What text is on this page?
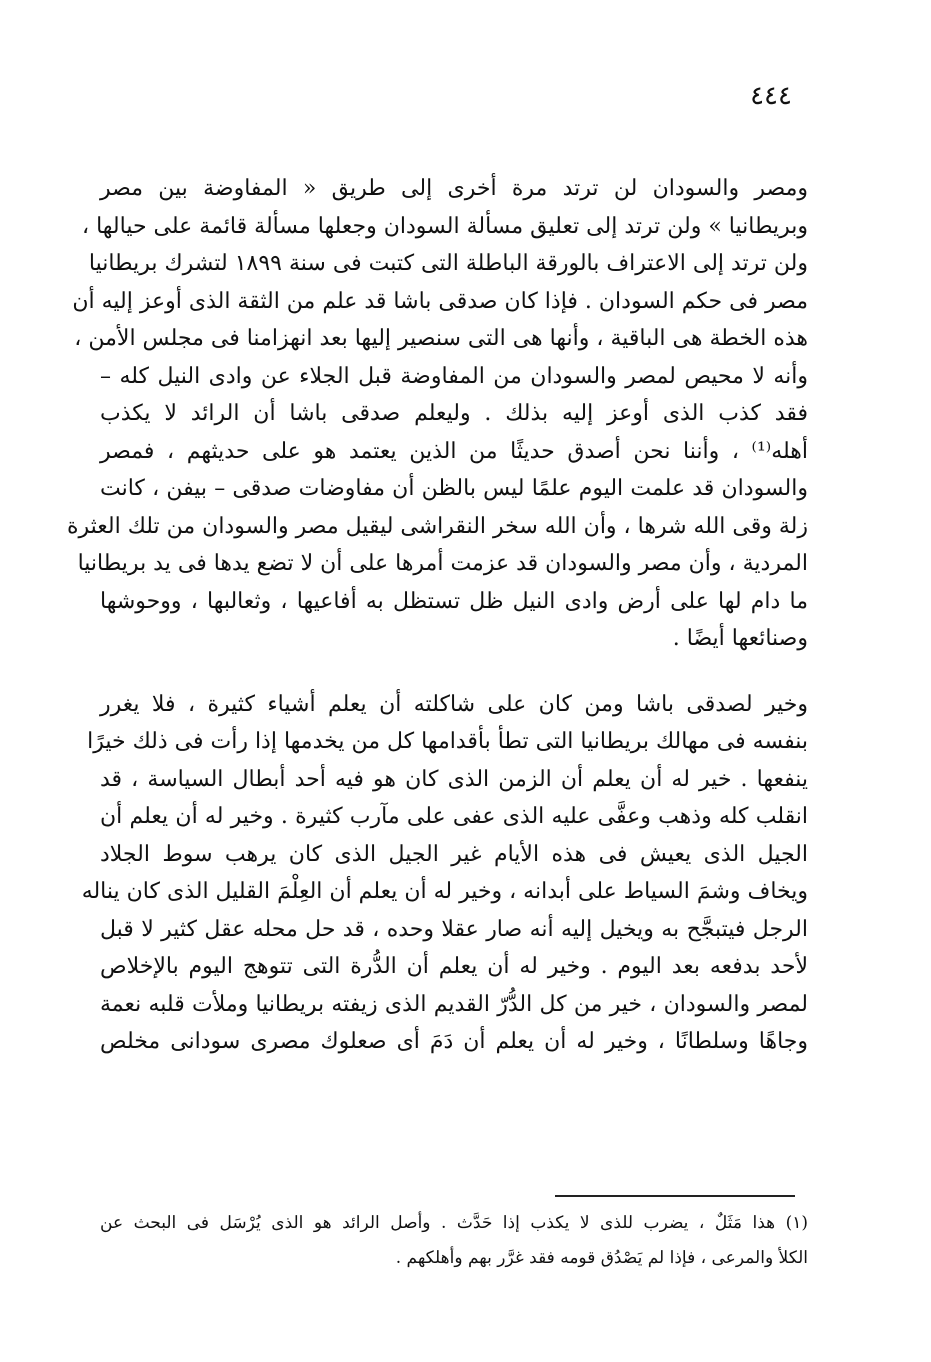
٤٤٤

ومصر والسودان لن ترتد مرة أخرى إلى طريق « المفاوضة بين مصر
وبريطانيا » ولن ترتد إلى تعليق مسألة السودان وجعلها مسألة قائمة على حيالها ،
ولن ترتد إلى الاعتراف بالورقة الباطلة التى كتبت فى سنة ١٨٩٩ لتشرك بريطانيا
مصر فى حكم السودان . فإذا كان صدقى باشا قد علم من الثقة الذى أوعز إليه أن
هذه الخطة هى الباقية ، وأنها هى التى سنصير إليها بعد انهزامنا فى مجلس الأمن ،
وأنه لا محيص لمصر والسودان من المفاوضة قبل الجلاء عن وادى النيل كله –
فقد كذب الذى أوعز إليه بذلك . وليعلم صدقى باشا أن الرائد لا يكذب
أهله⁽¹⁾ ، وأننا نحن أصدق حديثًا من الذين يعتمد هو على حديثهم ، فمصر
والسودان قد علمت اليوم علمًا ليس بالظن أن مفاوضات صدقى – بيفن ، كانت
زلة وقى الله شرها ، وأن الله سخر النقراشى ليقيل مصر والسودان من تلك العثرة
المردية ، وأن مصر والسودان قد عزمت أمرها على أن لا تضع يدها فى يد بريطانيا
ما دام لها على أرض وادى النيل ظل تستظل به أفاعيها ، وثعالبها ، ووحوشها
وصنائعها أيضًا .

وخير لصدقى باشا ومن كان على شاكلته أن يعلم أشياء كثيرة ، فلا يغرر
بنفسه فى مهالك بريطانيا التى تطأ بأقدامها كل من يخدمها إذا رأت فى ذلك خيرًا
ينفعها . خير له أن يعلم أن الزمن الذى كان هو فيه أحد أبطال السياسة ، قد
انقلب كله وذهب وعفَّى عليه الذى عفى على مآرب كثيرة . وخير له أن يعلم أن
الجيل الذى يعيش فى هذه الأيام غير الجيل الذى كان يرهب سوط الجلاد
ويخاف وشمَ السياط على أبدانه ، وخير له أن يعلم أن العِلْمَ القليل الذى كان يناله
الرجل فيتبجَّح به ويخيل إليه أنه صار عقلا وحده ، قد حل محله عقل كثير لا قبل
لأحد بدفعه بعد اليوم . وخير له أن يعلم أن الدُّرة التى تتوهج اليوم بالإخلاص
لمصر والسودان ، خير من كل الدُّرّ القديم الذى زيفته بريطانيا وملأت قلبه نعمة
وجاهًا وسلطانًا ، وخير له أن يعلم أن دَمَ أى صعلوك مصرى سودانى مخلص

(١) هذا مَثَلٌ ، يضرب للذى لا يكذب إذا حَدَّث . وأصل الرائد هو الذى يُرْسَل فى البحث عن
الكلأ والمرعى ، فإذا لم يَصْدُق قومه فقد غرَّر بهم وأهلكهم .
